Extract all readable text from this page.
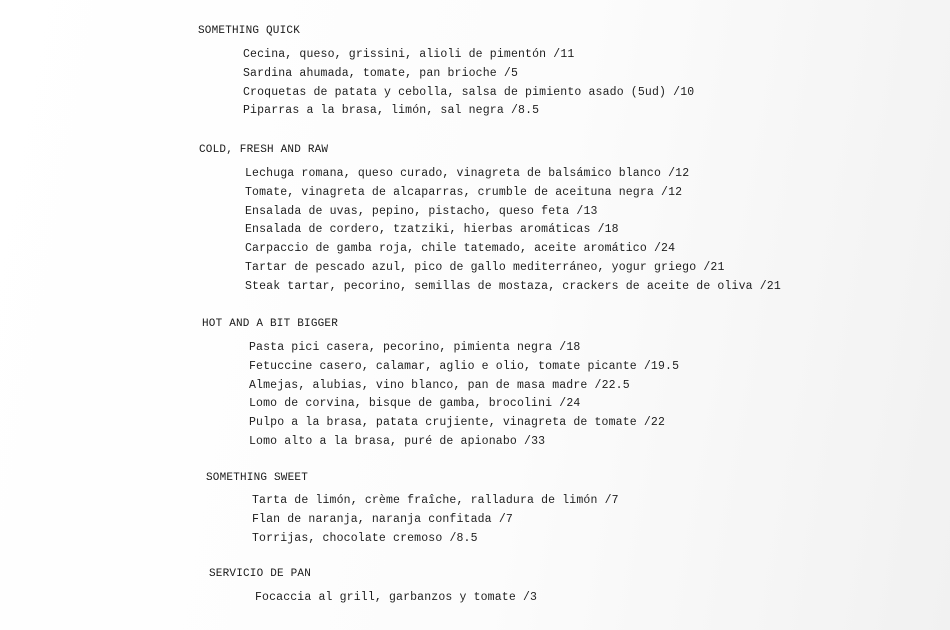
SOMETHING QUICK
Cecina, queso, grissini, alioli de pimentón /11
Sardina ahumada, tomate, pan brioche /5
Croquetas de patata y cebolla, salsa de pimiento asado (5ud) /10
Piparras a la brasa, limón, sal negra /8.5
COLD, FRESH AND RAW
Lechuga romana, queso curado, vinagreta de balsámico blanco /12
Tomate, vinagreta de alcaparras, crumble de aceituna negra /12
Ensalada de uvas, pepino, pistacho, queso feta /13
Ensalada de cordero, tzatziki, hierbas aromáticas /18
Carpaccio de gamba roja, chile tatemado, aceite aromático /24
Tartar de pescado azul, pico de gallo mediterráneo, yogur griego /21
Steak tartar, pecorino, semillas de mostaza, crackers de aceite de oliva /21
HOT AND A BIT BIGGER
Pasta pici casera, pecorino, pimienta negra /18
Fetuccine casero, calamar, aglio e olio, tomate picante /19.5
Almejas, alubias, vino blanco, pan de masa madre /22.5
Lomo de corvina, bisque de gamba, brocolini /24
Pulpo a la brasa, patata crujiente, vinagreta de tomate /22
Lomo alto a la brasa, puré de apionabo /33
SOMETHING SWEET
Tarta de limón, crème fraîche, ralladura de limón /7
Flan de naranja, naranja confitada /7
Torrijas, chocolate cremoso /8.5
SERVICIO DE PAN
Focaccia al grill, garbanzos y tomate /3
